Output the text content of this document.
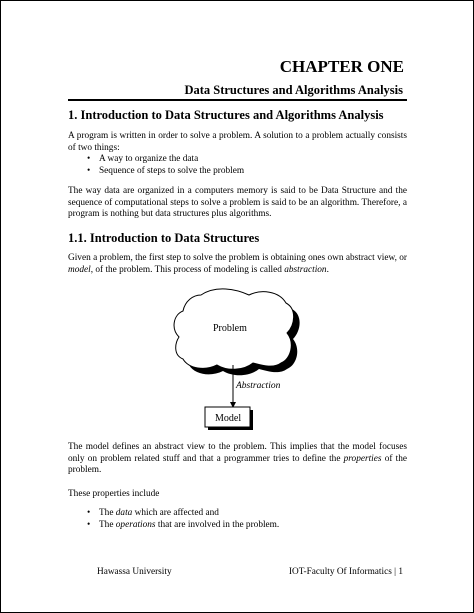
CHAPTER ONE
Data Structures and Algorithms Analysis
1. Introduction to Data Structures and Algorithms Analysis
A program is written in order to solve a problem. A solution to a problem actually consists of two things:
• A way to organize the data
• Sequence of steps to solve the problem
The way data are organized in a computers memory is said to be Data Structure and the sequence of computational steps to solve a problem is said to be an algorithm. Therefore, a program is nothing but data structures plus algorithms.
1.1. Introduction to Data Structures
Given a problem, the first step to solve the problem is obtaining ones own abstract view, or model, of the problem. This process of modeling is called abstraction.
Problem
Abstraction
Model
The model defines an abstract view to the problem. This implies that the model focuses only on problem related stuff and that a programmer tries to define the properties of the problem.
These properties include
• The data which are affected and
• The operations that are involved in the problem.
Hawassa University	IOT-Faculty Of Informatics | 1
